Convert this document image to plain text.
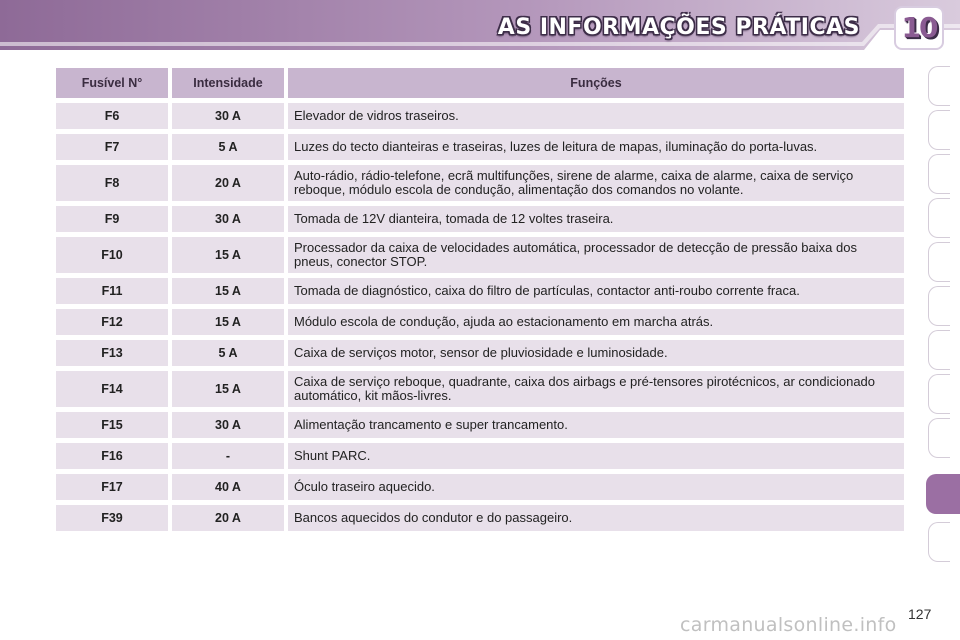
AS INFORMAÇÕES PRÁTICAS 10
Fusível N°	Intensidade	Funções
F6	30 A	Elevador de vidros traseiros.
F7	5 A	Luzes do tecto dianteiras e traseiras, luzes de leitura de mapas, iluminação do porta-luvas.
F8	20 A	Auto-rádio, rádio-telefone, ecrã multifunções, sirene de alarme, caixa de alarme, caixa de serviço reboque, módulo escola de condução, alimentação dos comandos no volante.
F9	30 A	Tomada de 12V dianteira, tomada de 12 voltes traseira.
F10	15 A	Processador da caixa de velocidades automática, processador de detecção de pressão baixa dos pneus, conector STOP.
F11	15 A	Tomada de diagnóstico, caixa do filtro de partículas, contactor anti-roubo corrente fraca.
F12	15 A	Módulo escola de condução, ajuda ao estacionamento em marcha atrás.
F13	5 A	Caixa de serviços motor, sensor de pluviosidade e luminosidade.
F14	15 A	Caixa de serviço reboque, quadrante, caixa dos airbags e pré-tensores pirotécnicos, ar condicionado automático, kit mãos-livres.
F15	30 A	Alimentação trancamento e super trancamento.
F16	-	Shunt PARC.
F17	40 A	Óculo traseiro aquecido.
F39	20 A	Bancos aquecidos do condutor e do passageiro.
127
carmanualsonline.info
